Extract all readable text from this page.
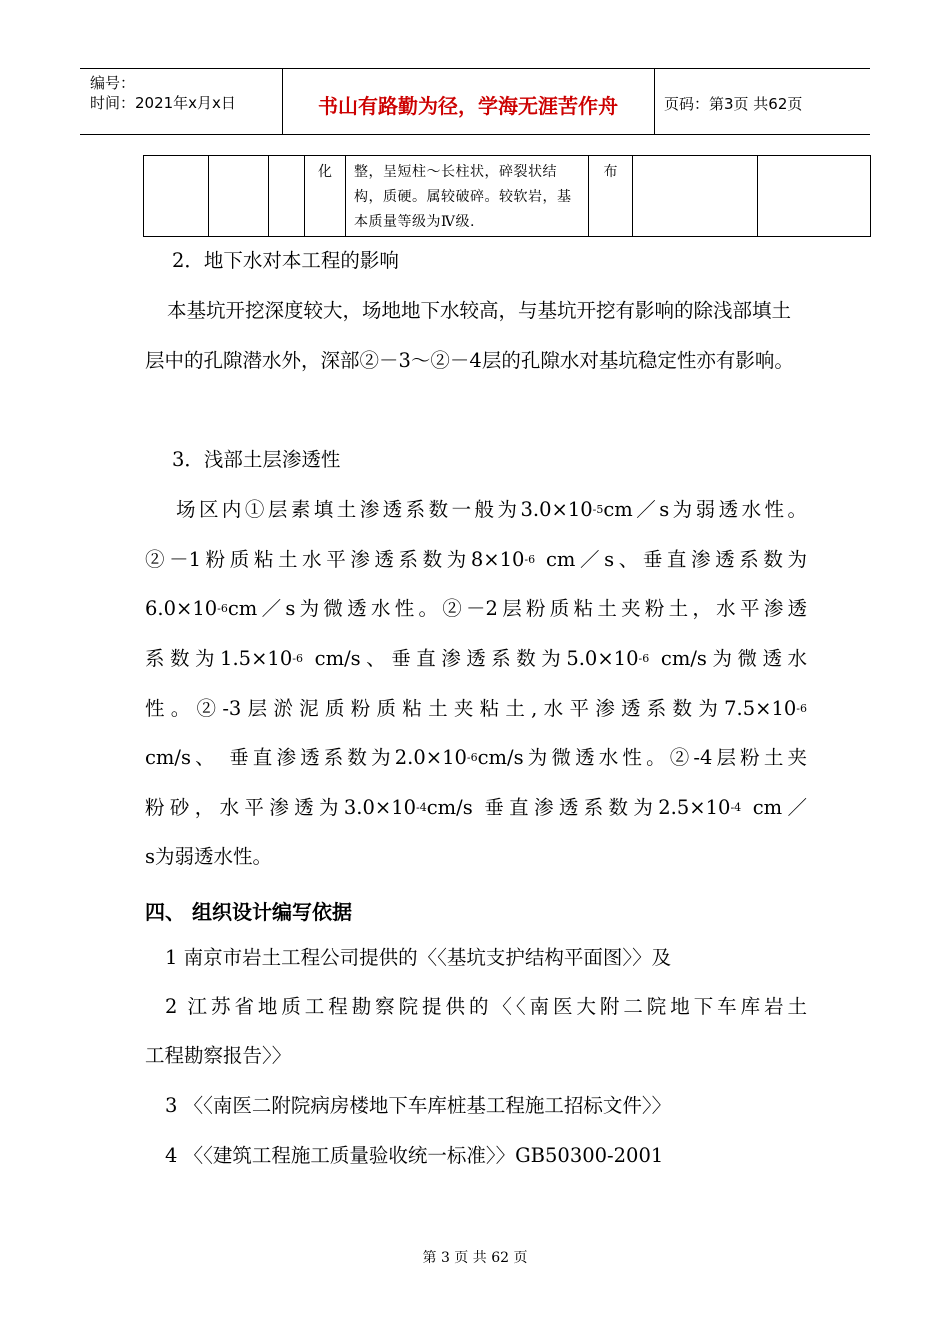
编号：
时间：2021年x月x日	书山有路勤为径，学海无涯苦作舟	页码：第3页 共62页
			化	整，呈短柱～长柱状，碎裂状结构，质硬。属较破碎。较软岩，基本质量等级为Ⅳ级.	布		

2．地下水对本工程的影响

本基坑开挖深度较大，场地地下水较高，与基坑开挖有影响的除浅部填土层中的孔隙潜水外，深部②－3～②－4层的孔隙水对基坑稳定性亦有影响。

3．浅部土层渗透性

场区内①层素填土渗透系数一般为$3.0\times 10^{-5}cm/s$为弱透水性。

②－1粉质粘土水平渗透系数为$8\times 10^{-6}$ cm／s、垂直渗透系数为

$6.0\times 10^{-6}cm/s$为微透水性。②－2层粉质粘土夹粉土，水平渗透

系数为$1.5\times 10^{-6}$ cm/s、垂直渗透系数为$5.0\times 10^{-6}$ cm/s为微透水

性。②-3层淤泥质粉质粘土夹粘土,水平渗透系数为$7.5\times 10^{-6}$

cm/s、 垂直渗透系数为$2.0\times 10^{-6}cm/s$为微透水性。②-4层粉土夹

粉砂，水平渗透为$3.0\times 10^{-4}cm/s$ 垂直渗透系数为$2.5\times 10^{-4}$ cm／

s为弱透水性。

四、 组织设计编写依据

1 南京市岩土工程公司提供的〈〈基坑支护结构平面图〉〉及

2 江苏省地质工程勘察院提供的〈〈南医大附二院地下车库岩土

工程勘察报告〉〉

3 〈〈南医二附院病房楼地下车库桩基工程施工招标文件〉〉

4 〈〈建筑工程施工质量验收统一标准〉〉GB50300-2001

第 3 页 共 62 页
